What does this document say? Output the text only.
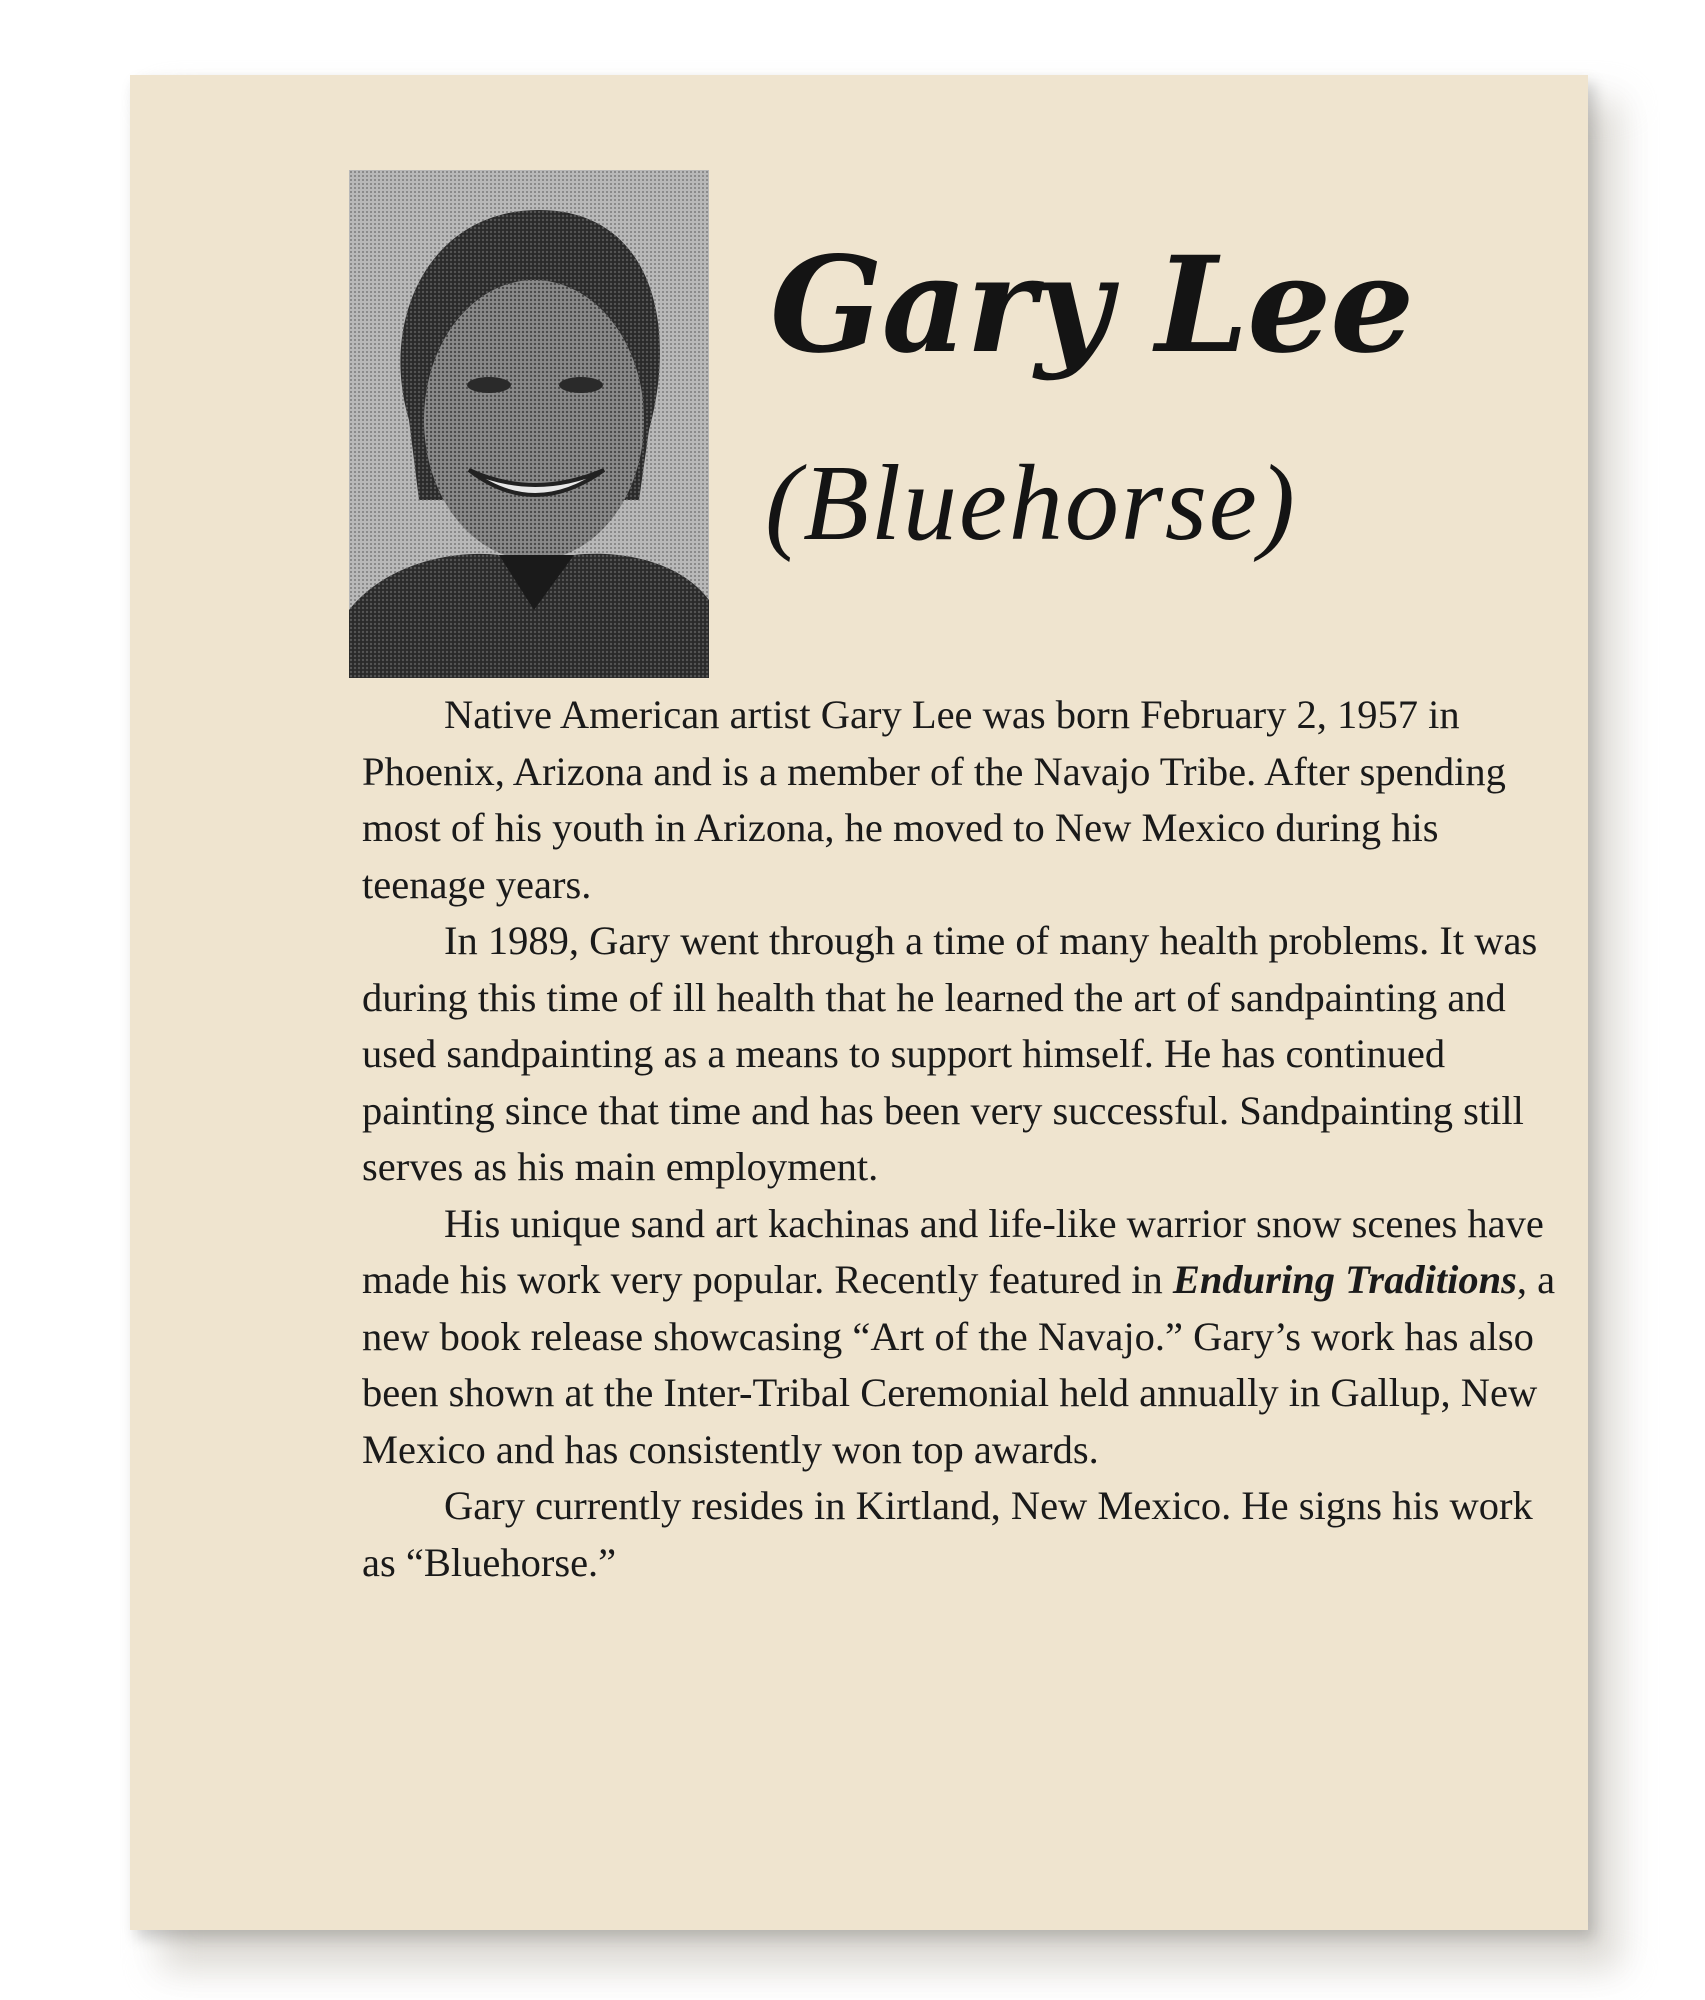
Gary Lee
(Bluehorse)

Native American artist Gary Lee was born February 2, 1957 in Phoenix, Arizona and is a member of the Navajo Tribe. After spending most of his youth in Arizona, he moved to New Mexico during his teenage years.

In 1989, Gary went through a time of many health problems. It was during this time of ill health that he learned the art of sandpainting and used sandpainting as a means to support himself. He has continued painting since that time and has been very successful. Sandpainting still serves as his main employment.

His unique sand art kachinas and life-like warrior snow scenes have made his work very popular. Recently featured in Enduring Traditions, a new book release showcasing “Art of the Navajo.” Gary’s work has also been shown at the Inter-Tribal Ceremonial held annually in Gallup, New Mexico and has consistently won top awards.

Gary currently resides in Kirtland, New Mexico. He signs his work as “Bluehorse.”
